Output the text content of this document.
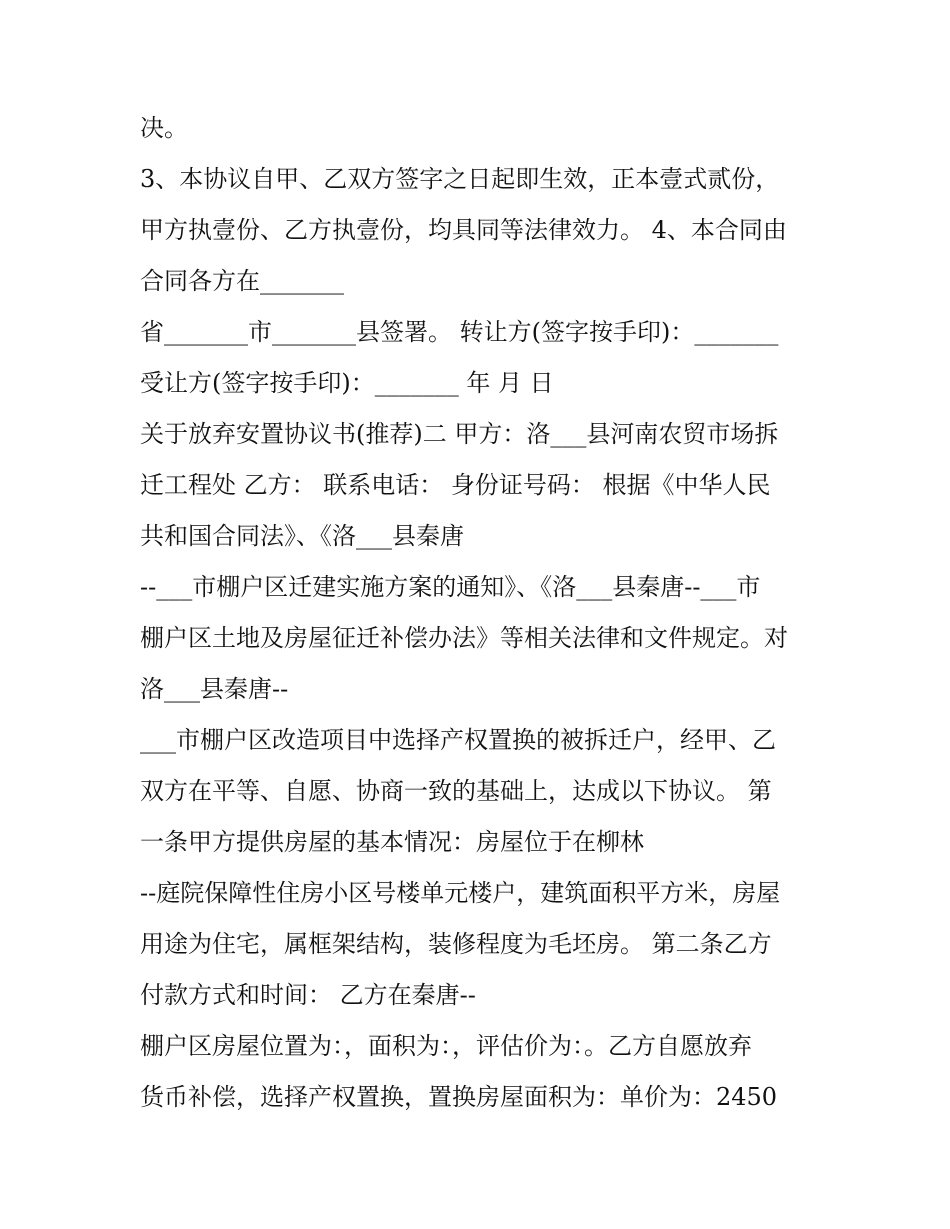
决。
3、本协议自甲、乙双方签字之日起即生效，正本壹式贰份，
甲方执壹份、乙方执壹份，均具同等法律效力。 4、本合同由
合同各方在_______
省_______市_______县签署。 转让方(签字按手印)：_______
受让方(签字按手印)：_______ 年 月 日
关于放弃安置协议书(推荐)二 甲方：洛___县河南农贸市场拆
迁工程处 乙方： 联系电话： 身份证号码： 根据《中华人民
共和国合同法》、《洛___县秦唐
--___市棚户区迁建实施方案的通知》、《洛___县秦唐--___市
棚户区土地及房屋征迁补偿办法》等相关法律和文件规定。对
洛___县秦唐--
___市棚户区改造项目中选择产权置换的被拆迁户，经甲、乙
双方在平等、自愿、协商一致的基础上，达成以下协议。 第
一条甲方提供房屋的基本情况：房屋位于在柳林
--庭院保障性住房小区号楼单元楼户，建筑面积平方米，房屋
用途为住宅，属框架结构，装修程度为毛坯房。 第二条乙方
付款方式和时间： 乙方在秦唐--
棚户区房屋位置为：，面积为：，评估价为：。乙方自愿放弃
货币补偿，选择产权置换，置换房屋面积为：单价为：2450
